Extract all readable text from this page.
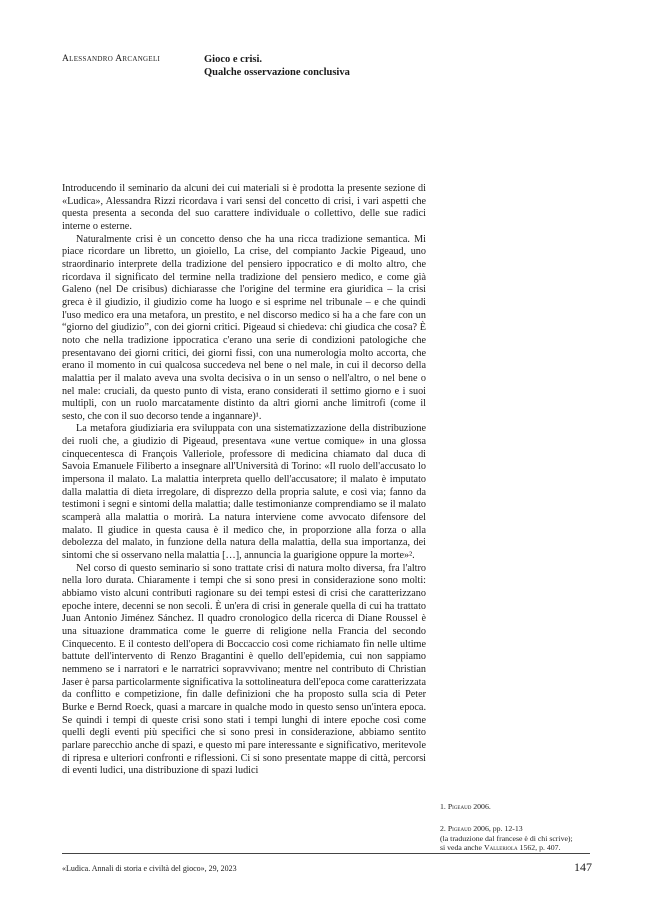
Alessandro Arcangeli	Gioco e crisi.
Qualche osservazione conclusiva

Introducendo il seminario da alcuni dei cui materiali si è prodotta la presente sezione di «Ludica», Alessandra Rizzi ricordava i vari sensi del concetto di crisi, i vari aspetti che questa presenta a seconda del suo carattere individuale o collettivo, delle sue radici interne o esterne.

Naturalmente crisi è un concetto denso che ha una ricca tradizione semantica. Mi piace ricordare un libretto, un gioiello, La crise, del compianto Jackie Pigeaud, uno straordinario interprete della tradizione del pensiero ippocratico e di molto altro, che ricordava il significato del termine nella tradizione del pensiero medico, e come già Galeno (nel De crisibus) dichiarasse che l'origine del termine era giuridica – la crisi greca è il giudizio, il giudizio come ha luogo e si esprime nel tribunale – e che quindi l'uso medico era una metafora, un prestito, e nel discorso medico si ha a che fare con un “giorno del giudizio”, con dei giorni critici. Pigeaud si chiedeva: chi giudica che cosa? È noto che nella tradizione ippocratica c'erano una serie di condizioni patologiche che presentavano dei giorni critici, dei giorni fissi, con una numerologia molto accorta, che erano il momento in cui qualcosa succedeva nel bene o nel male, in cui il decorso della malattia per il malato aveva una svolta decisiva o in un senso o nell'altro, o nel bene o nel male: cruciali, da questo punto di vista, erano considerati il settimo giorno e i suoi multipli, con un ruolo marcatamente distinto da altri giorni anche limitrofi (come il sesto, che con il suo decorso tende a ingannare)¹.

La metafora giudiziaria era sviluppata con una sistematizzazione della distribuzione dei ruoli che, a giudizio di Pigeaud, presentava «une vertue comique» in una glossa cinquecentesca di François Valleriole, professore di medicina chiamato dal duca di Savoia Emanuele Filiberto a insegnare all'Università di Torino: «Il ruolo dell'accusato lo impersona il malato. La malattia interpreta quello dell'accusatore; il malato è imputato dalla malattia di dieta irregolare, di disprezzo della propria salute, e così via; fanno da testimoni i segni e sintomi della malattia; dalle testimonianze comprendiamo se il malato scamperà alla malattia o morirà. La natura interviene come avvocato difensore del malato. Il giudice in questa causa è il medico che, in proporzione alla forza o alla debolezza del malato, in funzione della natura della malattia, della sua importanza, dei sintomi che si osservano nella malattia […], annuncia la guarigione oppure la morte»².

Nel corso di questo seminario si sono trattate crisi di natura molto diversa, fra l'altro nella loro durata. Chiaramente i tempi che si sono presi in considerazione sono molti: abbiamo visto alcuni contributi ragionare su dei tempi estesi di crisi che caratterizzano epoche intere, decenni se non secoli. È un'era di crisi in generale quella di cui ha trattato Juan Antonio Jiménez Sánchez. Il quadro cronologico della ricerca di Diane Roussel è una situazione drammatica come le guerre di religione nella Francia del secondo Cinquecento. E il contesto dell'opera di Boccaccio così come richiamato fin nelle ultime battute dell'intervento di Renzo Bragantini è quello dell'epidemia, cui non sappiamo nemmeno se i narratori e le narratrici sopravvivano; mentre nel contributo di Christian Jaser è parsa particolarmente significativa la sottolineatura dell'epoca come caratterizzata da conflitto e competizione, fin dalle definizioni che ha proposto sulla scia di Peter Burke e Bernd Roeck, quasi a marcare in qualche modo in questo senso un'intera epoca. Se quindi i tempi di queste crisi sono stati i tempi lunghi di intere epoche così come quelli degli eventi più specifici che si sono presi in considerazione, abbiamo sentito parlare parecchio anche di spazi, e questo mi pare interessante e significativo, meritevole di ripresa e ulteriori confronti e riflessioni. Ci si sono presentate mappe di città, percorsi di eventi ludici, una distribuzione di spazi ludici

1. Pigeaud 2006.
2. Pigeaud 2006, pp. 12-13
(la traduzione dal francese è di chi scrive);
si veda anche Valleriola 1562, p. 407.
«Ludica. Annali di storia e civiltà del gioco», 29, 2023	147
